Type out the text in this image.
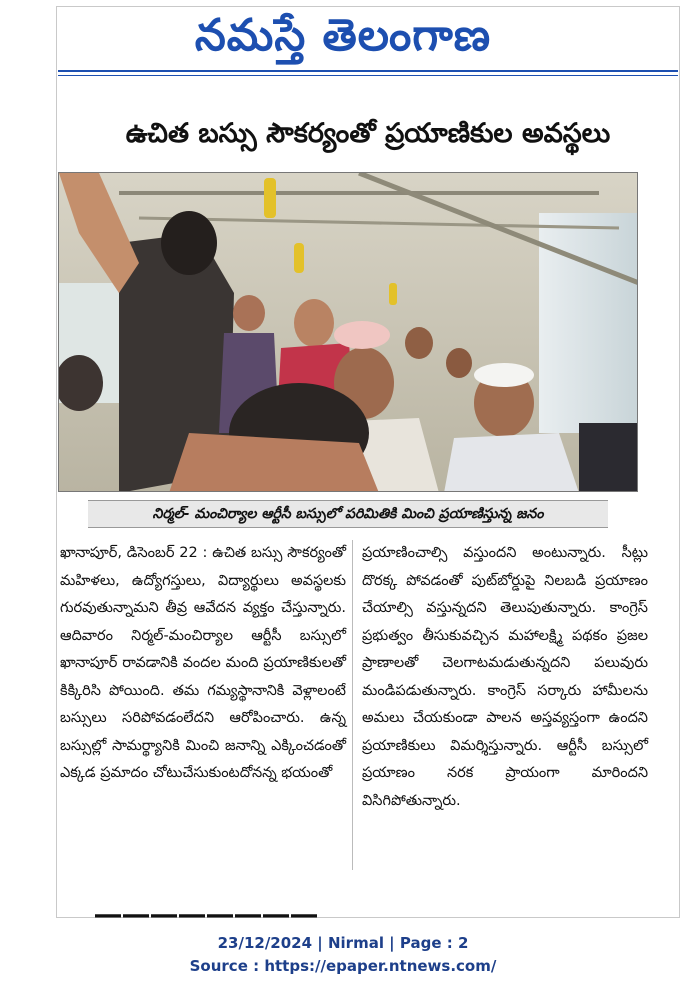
నమస్తే తెలంగాణ
ఉచిత బస్సు సౌకర్యంతో ప్రయాణికుల అవస్థలు
నిర్మల్‌- మంచిర్యాల ఆర్టీసీ బస్సులో పరిమితికి మించి ప్రయాణిస్తున్న జనం

ఖానాపూర్‌, డిసెంబర్‌ 22 : ఉచిత బస్సు సౌకర్యంతో మహిళలు, ఉద్యోగస్తులు, విద్యార్థులు అవస్థలకు గురవుతున్నామని తీవ్ర ఆవేదన వ్యక్తం చేస్తున్నారు. ఆదివారం నిర్మల్‌-మంచిర్యాల ఆర్టీసీ బస్సులో ఖానాపూర్‌ రావడానికి వందల మంది ప్రయాణికులతో కిక్కిరిసి పోయింది. తమ గమ్యస్థానానికి వెళ్లాలంటే బస్సులు సరిపోవడంలేదని ఆరోపించారు. ఉన్న బస్సుల్లో సామర్థ్యానికి మించి జనాన్ని ఎక్కించడంతో ఎక్కడ ప్రమాదం చోటుచేసుకుంటదోనన్న భయంతో

ప్రయాణించాల్సి వస్తుందని అంటున్నారు. సీట్లు దొరక్క పోవడంతో పుట్‌బోర్డుపై నిలబడి ప్రయాణం చేయాల్సి వస్తున్నదని తెలుపుతున్నారు. కాంగ్రెస్‌ ప్రభుత్వం తీసుకువచ్చిన మహాలక్ష్మి పథకం ప్రజల ప్రాణాలతో చెలగాటమడుతున్నదని పలువురు మండిపడుతున్నారు. కాంగ్రెస్‌ సర్కారు హామీలను అమలు చేయకుండా పాలన అస్తవ్యస్తంగా ఉందని ప్రయాణికులు విమర్శిస్తున్నారు. ఆర్టీసీ బస్సులో ప్రయాణం నరక ప్రాయంగా మారిందని విసిగిపోతున్నారు.

――――――――
23/12/2024 | Nirmal | Page : 2
Source : https://epaper.ntnews.com/
